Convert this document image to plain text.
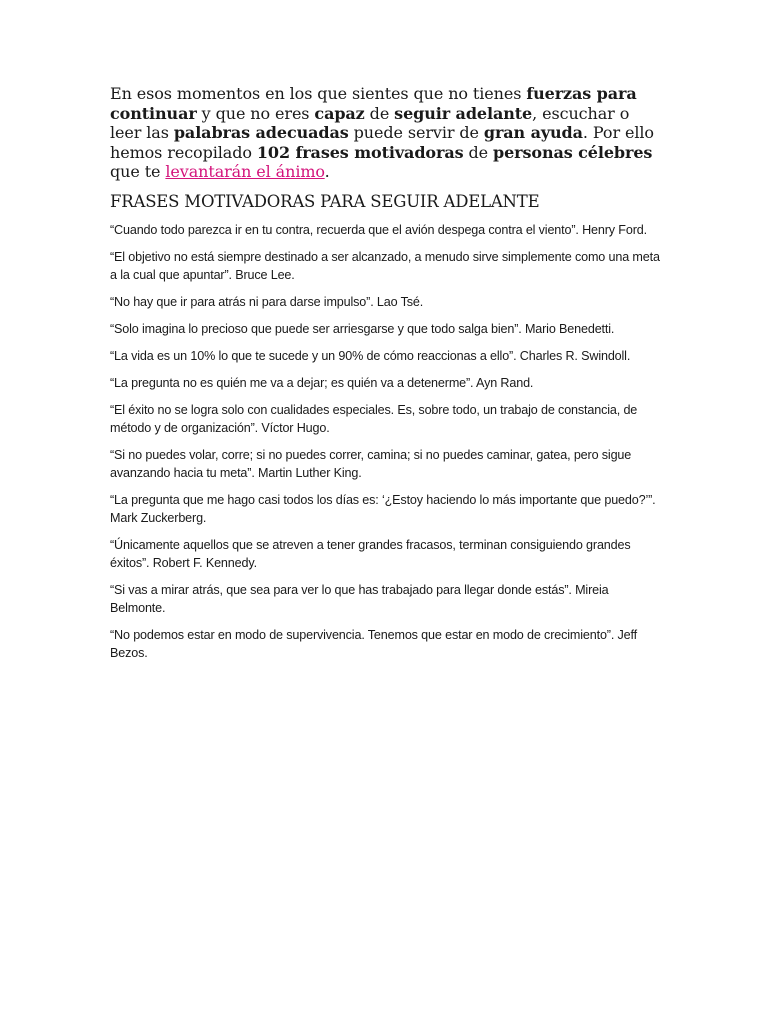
En esos momentos en los que sientes que no tienes fuerzas para continuar y que no eres capaz de seguir adelante, escuchar o leer las palabras adecuadas puede servir de gran ayuda. Por ello hemos recopilado 102 frases motivadoras de personas célebres que te levantarán el ánimo.

FRASES MOTIVADORAS PARA SEGUIR ADELANTE
“Cuando todo parezca ir en tu contra, recuerda que el avión despega contra el viento”. Henry Ford.
“El objetivo no está siempre destinado a ser alcanzado, a menudo sirve simplemente como una meta a la cual que apuntar”. Bruce Lee.
“No hay que ir para atrás ni para darse impulso”. Lao Tsé.
“Solo imagina lo precioso que puede ser arriesgarse y que todo salga bien”. Mario Benedetti.
“La vida es un 10% lo que te sucede y un 90% de cómo reaccionas a ello”. Charles R. Swindoll.
“La pregunta no es quién me va a dejar; es quién va a detenerme”. Ayn Rand.
“El éxito no se logra solo con cualidades especiales. Es, sobre todo, un trabajo de constancia, de método y de organización”. Víctor Hugo.
“Si no puedes volar, corre; si no puedes correr, camina; si no puedes caminar, gatea, pero sigue avanzando hacia tu meta”. Martin Luther King.
“La pregunta que me hago casi todos los días es: ‘¿Estoy haciendo lo más importante que puedo?’”. Mark Zuckerberg.
“Únicamente aquellos que se atreven a tener grandes fracasos, terminan consiguiendo grandes éxitos”. Robert F. Kennedy.
“Si vas a mirar atrás, que sea para ver lo que has trabajado para llegar donde estás”. Mireia Belmonte.
“No podemos estar en modo de supervivencia. Tenemos que estar en modo de crecimiento”. Jeff Bezos.
